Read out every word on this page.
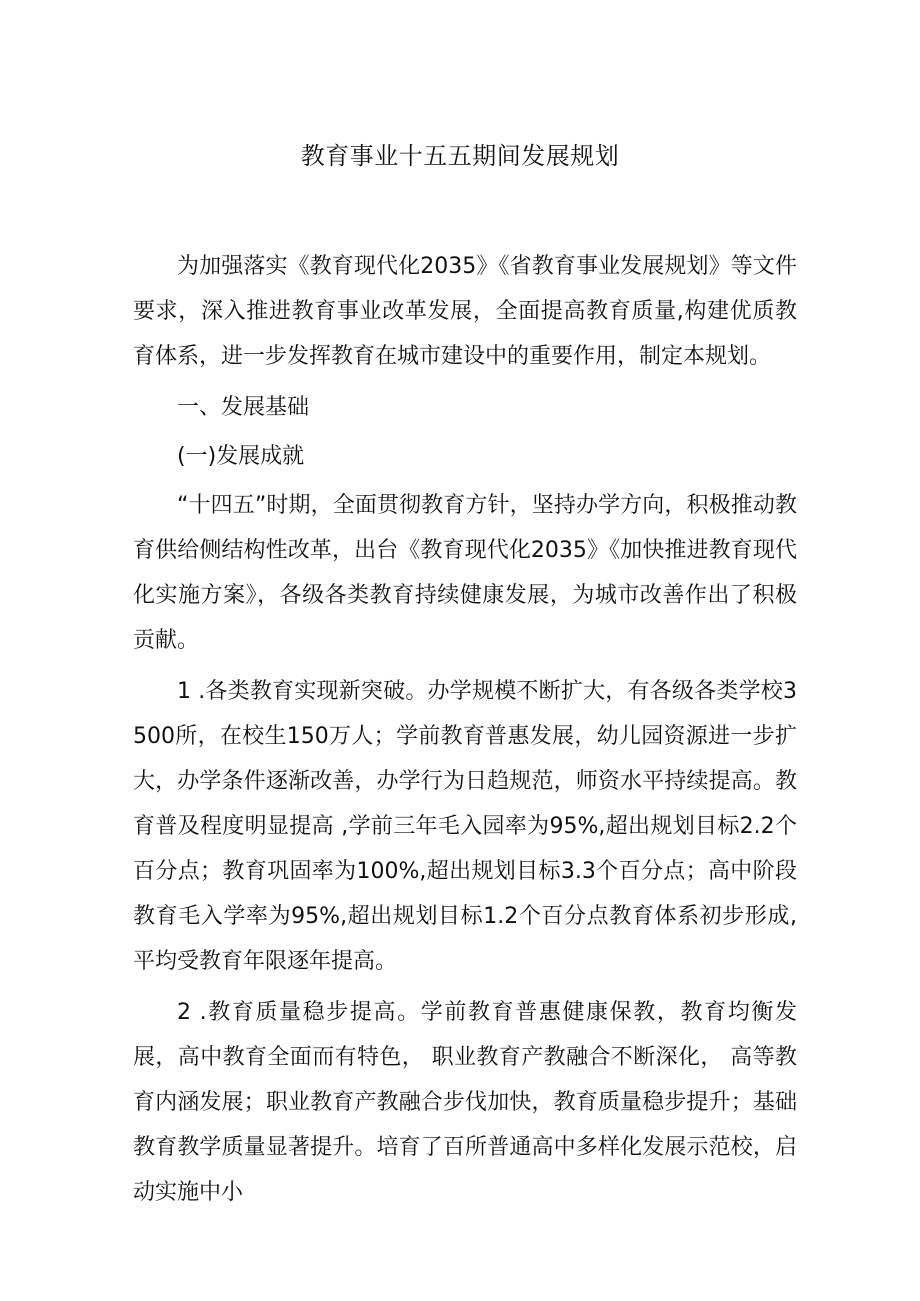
教育事业十五五期间发展规划

为加强落实《教育现代化2035》《省教育事业发展规划》等文件要求，深入推进教育事业改革发展，全面提高教育质量,构建优质教育体系，进一步发挥教育在城市建设中的重要作用，制定本规划。

一、发展基础

(一)发展成就

“十四五”时期，全面贯彻教育方针，坚持办学方向，积极推动教育供给侧结构性改革，出台《教育现代化2035》《加快推进教育现代化实施方案》，各级各类教育持续健康发展，为城市改善作出了积极贡献。

1 .各类教育实现新突破。办学规模不断扩大，有各级各类学校3500所，在校生150万人；学前教育普惠发展，幼儿园资源进一步扩大，办学条件逐渐改善，办学行为日趋规范，师资水平持续提高。教育普及程度明显提高 ,学前三年毛入园率为95%,超出规划目标2.2个百分点；教育巩固率为100%,超出规划目标3.3个百分点；高中阶段教育毛入学率为95%,超出规划目标1.2个百分点教育体系初步形成,平均受教育年限逐年提高。

2 .教育质量稳步提高。学前教育普惠健康保教，教育均衡发展，高中教育全面而有特色， 职业教育产教融合不断深化， 高等教育内涵发展；职业教育产教融合步伐加快，教育质量稳步提升；基础教育教学质量显著提升。培育了百所普通高中多样化发展示范校，启动实施中小
